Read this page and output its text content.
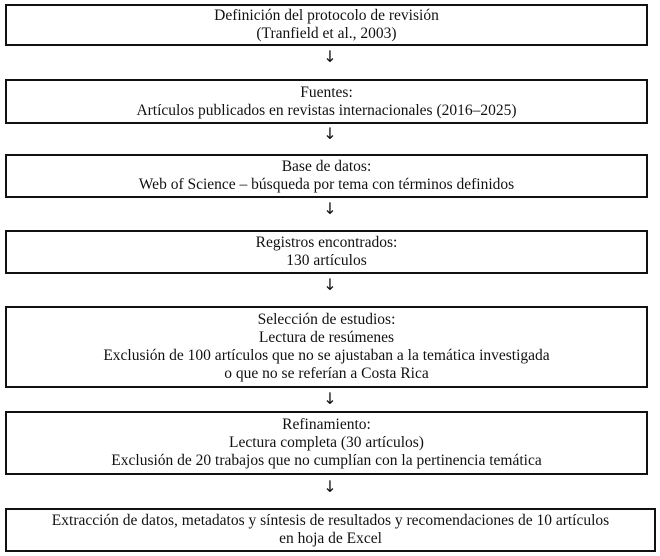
Definición del protocolo de revisión
(Tranfield et al., 2003)
↓
Fuentes:
Artículos publicados en revistas internacionales (2016–2025)
↓
Base de datos:
Web of Science – búsqueda por tema con términos definidos
↓
Registros encontrados:
130 artículos
↓
Selección de estudios:
Lectura de resúmenes
Exclusión de 100 artículos que no se ajustaban a la temática investigada
o que no se referían a Costa Rica
↓
Refinamiento:
Lectura completa (30 artículos)
Exclusión de 20 trabajos que no cumplían con la pertinencia temática
↓
Extracción de datos, metadatos y síntesis de resultados y recomendaciones de 10 artículos
en hoja de Excel
